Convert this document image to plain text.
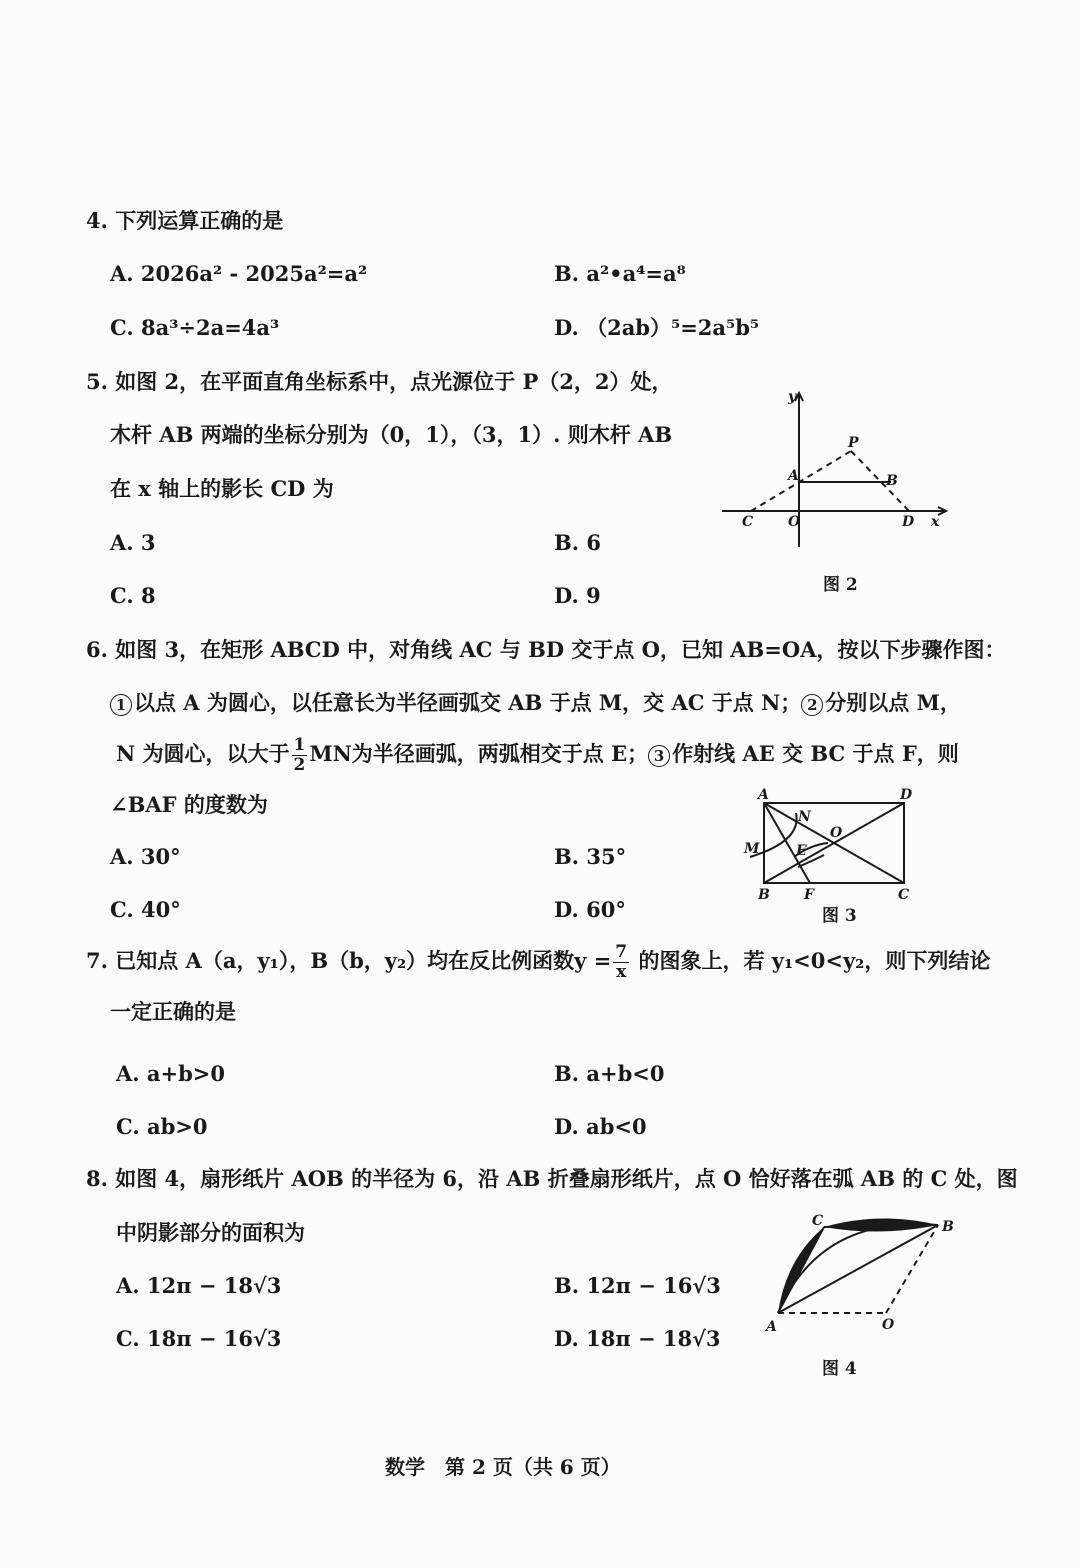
4. 下列运算正确的是
A. 2026a² - 2025a²=a²	B. a²•a⁴=a⁸
C. 8a³÷2a=4a³	D. （2ab）⁵=2a⁵b⁵
5. 如图 2，在平面直角坐标系中，点光源位于 P（2，2）处，
木杆 AB 两端的坐标分别为（0，1），（3，1）. 则木杆 AB
在 x 轴上的影长 CD 为
A. 3	B. 6
C. 8	D. 9
y
x
P
A	B
C O	D
图 2
6. 如图 3，在矩形 ABCD 中，对角线 AC 与 BD 交于点 O，已知 AB=OA，按以下步骤作图：
1 以点 A 为圆心，以任意长为半径画弧交 AB 于点 M，交 AC 于点 N； 2 分别以点 M，
N 为圆心，以大于 $\frac{1}{2}$ MN为半径画弧，两弧相交于点 E； 3 作射线 AE 交 BC 于点 F，则
∠BAF 的度数为
A. 30°	B. 35°
C. 40°	D. 60°
A	D
N
O
M	E
B F	C
图 3
7. 已知点 A（a，y₁），B（b，y₂）均在反比例函数$y = \frac{7}{x}$ 的图象上，若 y₁<0<y₂，则下列结论
一定正确的是
A. a+b>0	B. a+b<0
C. ab>0	D. ab<0
8. 如图 4，扇形纸片 AOB 的半径为 6，沿 AB 折叠扇形纸片，点 O 恰好落在弧 AB 的 C 处，图
中阴影部分的面积为
A. 12π − 18√3	B. 12π − 16√3
C. 18π − 16√3	D. 18π − 18√3
C	B
A	O
图 4
数学　第 2 页（共 6 页）
